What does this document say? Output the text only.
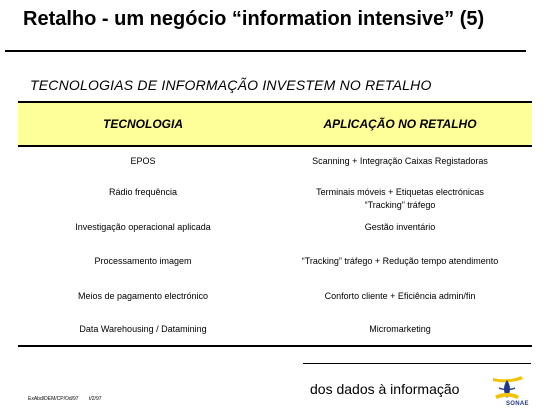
Retalho - um negócio “information intensive” (5)
TECNOLOGIAS DE INFORMAÇÃO INVESTEM NO RETALHO
TECNOLOGIA	APLICAÇÃO NO RETALHO
EPOS	Scanning + Integração Caixas Registadoras
Rádio frequência	Terminais móveis + Etiquetas electrónicas
“Tracking” tráfego
Investigação operacional aplicada	Gestão inventário
Processamento imagem	“Tracking” tráfego + Redução tempo atendimento
Meios de pagamento electrónico	Conforto cliente + Eficiência admin/fin
Data Warehousing / Datamining	Micromarketing
dos dados à informação
ExAbd/DEM/CP/Od/97 t/2/97
SONAE
